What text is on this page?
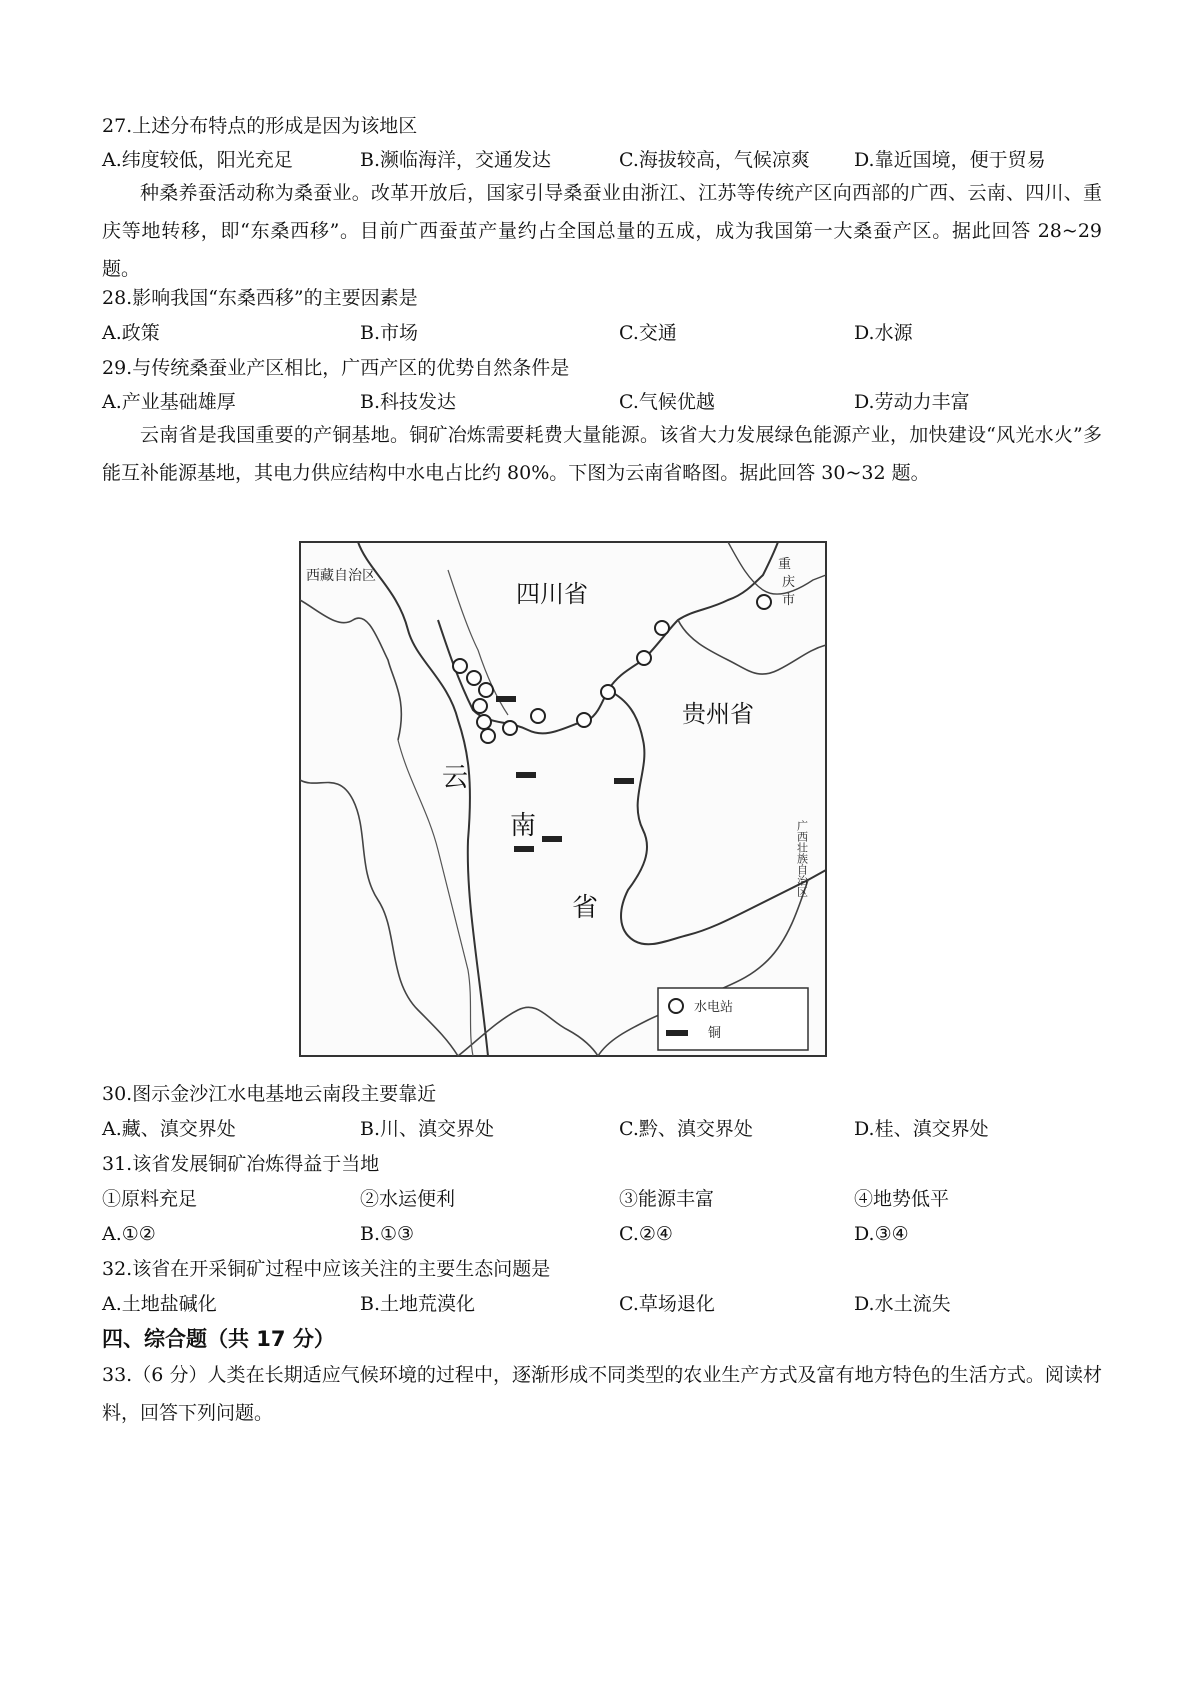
27.上述分布特点的形成是因为该地区
A.纬度较低，阳光充足	B.濒临海洋，交通发达	C.海拔较高，气候凉爽 D.靠近国境，便于贸易
种桑养蚕活动称为桑蚕业。改革开放后，国家引导桑蚕业由浙江、江苏等传统产区向西部的广西、云南、四川、重庆等地转移，即“东桑西移”。目前广西蚕茧产量约占全国总量的五成，成为我国第一大桑蚕产区。据此回答 28~29 题。
28.影响我国“东桑西移”的主要因素是
A.政策	B.市场	C.交通	D.水源
29.与传统桑蚕业产区相比，广西产区的优势自然条件是
A.产业基础雄厚	B.科技发达	C.气候优越	D.劳动力丰富
云南省是我国重要的产铜基地。铜矿冶炼需要耗费大量能源。该省大力发展绿色能源产业，加快建设“风光水火”多能互补能源基地，其电力供应结构中水电占比约 80%。下图为云南省略图。据此回答 30~32 题。
西藏自治区
四川省
重
庆
市
贵州省
云
南
省
广西壮族自治区
水电站
铜
30.图示金沙江水电基地云南段主要靠近
A.藏、滇交界处	B.川、滇交界处	C.黔、滇交界处	D.桂、滇交界处
31.该省发展铜矿冶炼得益于当地
①原料充足	②水运便利	③能源丰富	④地势低平
A.①②	B.①③	C.②④	D.③④
32.该省在开采铜矿过程中应该关注的主要生态问题是
A.土地盐碱化	B.土地荒漠化	C.草场退化	D.水土流失
四、综合题（共 17 分）
33.（6 分）人类在长期适应气候环境的过程中，逐渐形成不同类型的农业生产方式及富有地方特色的生活方式。阅读材料，回答下列问题。
